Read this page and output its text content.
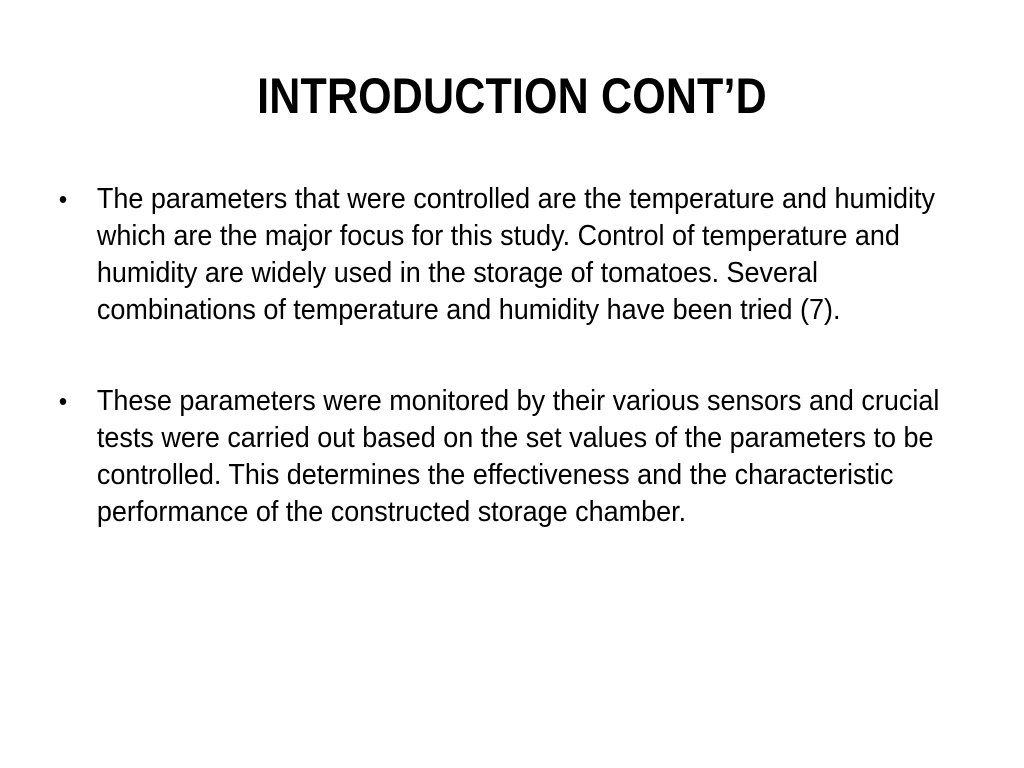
INTRODUCTION CONT’D
• The parameters that were controlled are the temperature and humidity which are the major focus for this study. Control of temperature and humidity are widely used in the storage of tomatoes. Several combinations of temperature and humidity have been tried (7).
• These parameters were monitored by their various sensors and crucial tests were carried out based on the set values of the parameters to be controlled. This determines the effectiveness and the characteristic performance of the constructed storage chamber.
